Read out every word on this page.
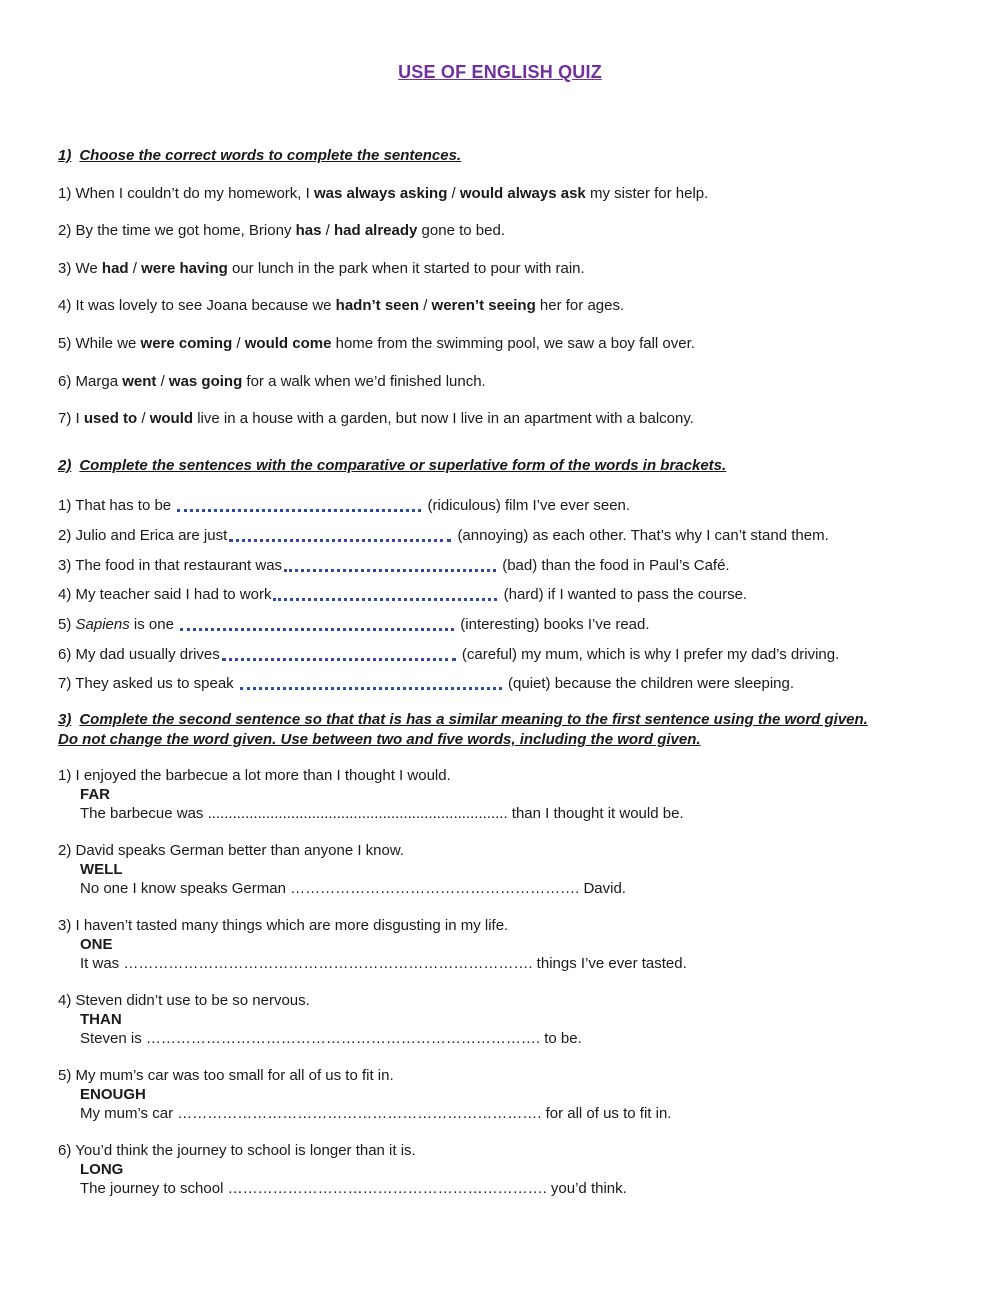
USE OF ENGLISH QUIZ
1) Choose the correct words to complete the sentences.
1) When I couldn’t do my homework, I was always asking / would always ask my sister for help.
2) By the time we got home, Briony has / had already gone to bed.
3) We had / were having our lunch in the park when it started to pour with rain.
4) It was lovely to see Joana because we hadn’t seen / weren’t seeing her for ages.
5) While we were coming / would come home from the swimming pool, we saw a boy fall over.
6) Marga went / was going for a walk when we’d finished lunch.
7) I used to / would live in a house with a garden, but now I live in an apartment with a balcony.
2) Complete the sentences with the comparative or superlative form of the words in brackets.
1) That has to be	(ridiculous) film I’ve ever seen.
2) Julio and Erica are just	(annoying) as each other. That’s why I can’t stand them.
3) The food in that restaurant was	(bad) than the food in Paul’s Café.
4) My teacher said I had to work	(hard) if I wanted to pass the course.
5) Sapiens is one	(interesting) books I’ve read.
6) My dad usually drives	(careful) my mum, which is why I prefer my dad’s driving.
7) They asked us to speak	(quiet) because the children were sleeping.
3) Complete the second sentence so that that is has a similar meaning to the first sentence using the word given.
Do not change the word given. Use between two and five words, including the word given.
1) I enjoyed the barbecue a lot more than I thought I would.
FAR
The barbecue was ........................................................................ than I thought it would be.
2) David speaks German better than anyone I know.
WELL
No one I know speaks German …………………………………………………. David.
3) I haven’t tasted many things which are more disgusting in my life.
ONE
It was ………………………………………………………………………. things I’ve ever tasted.
4) Steven didn’t use to be so nervous.
THAN
Steven is ……………………………………………………………………. to be.
5) My mum’s car was too small for all of us to fit in.
ENOUGH
My mum’s car ………………………………………………………………. for all of us to fit in.
6) You’d think the journey to school is longer than it is.
LONG
The journey to school ………………………………………………………. you’d think.
